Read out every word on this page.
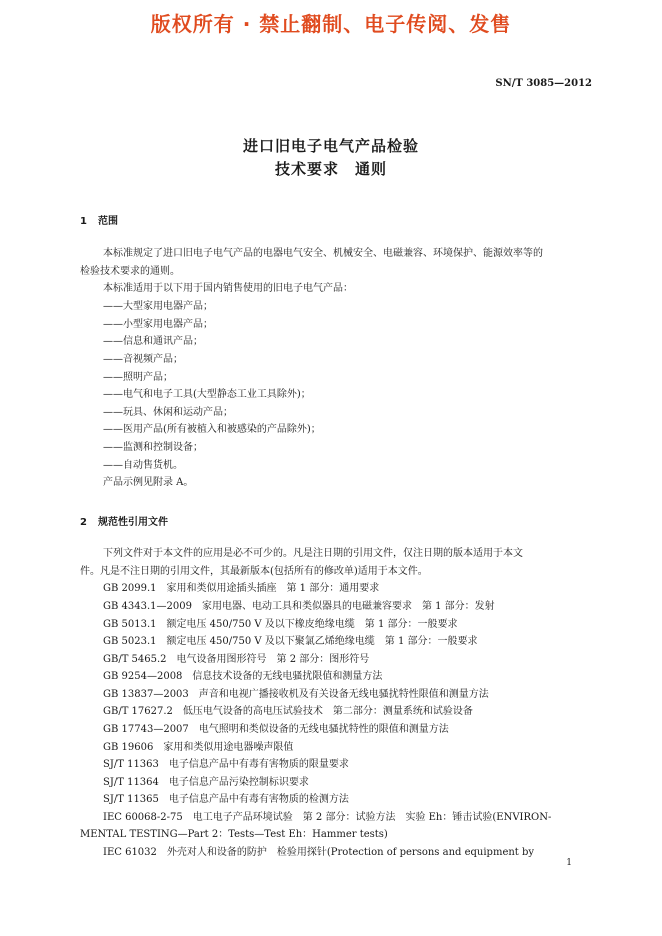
版权所有 · 禁止翻制、电子传阅、发售
SN/T 3085—2012
进口旧电子电气产品检验
技术要求　通则
1 范围
本标准规定了进口旧电子电气产品的电器电气安全、机械安全、电磁兼容、环境保护、能源效率等的
检验技术要求的通则。
本标准适用于以下用于国内销售使用的旧电子电气产品：
——大型家用电器产品；
——小型家用电器产品；
——信息和通讯产品；
——音视频产品；
——照明产品；
——电气和电子工具(大型静态工业工具除外)；
——玩具、休闲和运动产品；
——医用产品(所有被植入和被感染的产品除外)；
——监测和控制设备；
——自动售货机。
产品示例见附录 A。
2 规范性引用文件
下列文件对于本文件的应用是必不可少的。凡是注日期的引用文件，仅注日期的版本适用于本文
件。凡是不注日期的引用文件，其最新版本(包括所有的修改单)适用于本文件。
GB 2099.1　家用和类似用途插头插座　第 1 部分：通用要求
GB 4343.1—2009　家用电器、电动工具和类似器具的电磁兼容要求　第 1 部分：发射
GB 5013.1　额定电压 450/750 V 及以下橡皮绝缘电缆　第 1 部分：一般要求
GB 5023.1　额定电压 450/750 V 及以下聚氯乙烯绝缘电缆　第 1 部分：一般要求
GB/T 5465.2　电气设备用图形符号　第 2 部分：图形符号
GB 9254—2008　信息技术设备的无线电骚扰限值和测量方法
GB 13837—2003　声音和电视广播接收机及有关设备无线电骚扰特性限值和测量方法
GB/T 17627.2　低压电气设备的高电压试验技术　第二部分：测量系统和试验设备
GB 17743—2007　电气照明和类似设备的无线电骚扰特性的限值和测量方法
GB 19606　家用和类似用途电器噪声限值
SJ/T 11363　电子信息产品中有毒有害物质的限量要求
SJ/T 11364　电子信息产品污染控制标识要求
SJ/T 11365　电子信息产品中有毒有害物质的检测方法
IEC 60068-2-75　电工电子产品环境试验　第 2 部分：试验方法　实验 Eh：锤击试验(ENVIRON-
MENTAL TESTING—Part 2：Tests—Test Eh：Hammer tests)
IEC 61032　外壳对人和设备的防护　检验用探针(Protection of persons and equipment by
1
